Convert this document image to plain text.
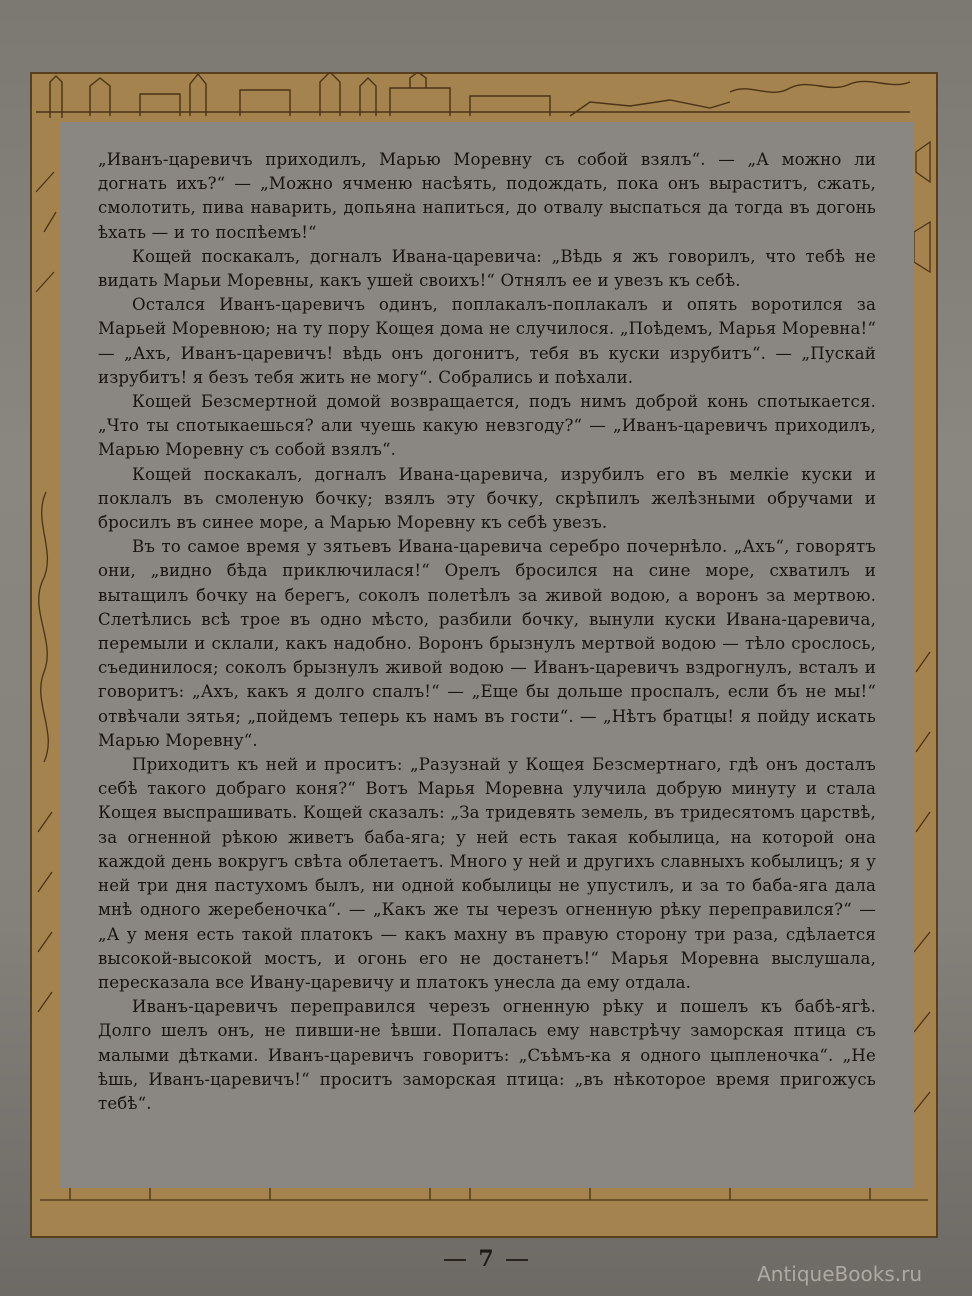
„Иванъ-царевичъ приходилъ, Марью Моревну съ собой взялъ“. — „А можно ли догнать ихъ?“ — „Можно ячменю насѣять, подождать, пока онъ выраститъ, сжать, смолотить, пива наварить, допьяна напиться, до отвалу выспаться да тогда въ догонь ѣхать — и то поспѣемъ!“

Кощей поскакалъ, догналъ Ивана-царевича: „Вѣдь я жъ говорилъ, что тебѣ не видать Марьи Моревны, какъ ушей своихъ!“ Отнялъ ее и увезъ къ себѣ.

Остался Иванъ-царевичъ одинъ, поплакалъ-поплакалъ и опять воротился за Марьей Моревною; на ту пору Кощея дома не случилося. „Поѣдемъ, Марья Моревна!“ — „Ахъ, Иванъ-царевичъ! вѣдь онъ догонитъ, тебя въ куски изрубитъ“. — „Пускай изрубитъ! я безъ тебя жить не могу“. Собрались и поѣхали.

Кощей Безсмертной домой возвращается, подъ нимъ доброй конь спотыкается. „Что ты спотыкаешься? али чуешь какую невзгоду?“ — „Иванъ-царевичъ приходилъ, Марью Моревну съ собой взялъ“.

Кощей поскакалъ, догналъ Ивана-царевича, изрубилъ его въ мелкіе куски и поклалъ въ смоленую бочку; взялъ эту бочку, скрѣпилъ желѣзными обручами и бросилъ въ синее море, а Марью Моревну къ себѣ увезъ.

Въ то самое время у зятьевъ Ивана-царевича серебро почернѣло. „Ахъ“, говорятъ они, „видно бѣда приключилася!“ Орелъ бросился на сине море, схватилъ и вытащилъ бочку на берегъ, соколъ полетѣлъ за живой водою, а воронъ за мертвою. Слетѣлись всѣ трое въ одно мѣсто, разбили бочку, вынули куски Ивана-царевича, перемыли и склали, какъ надобно. Воронъ брызнулъ мертвой водою — тѣло срослось, съединилося; соколъ брызнулъ живой водою — Иванъ-царевичъ вздрогнулъ, всталъ и говоритъ: „Ахъ, какъ я долго спалъ!“ — „Еще бы дольше проспалъ, если бъ не мы!“ отвѣчали зятья; „пойдемъ теперь къ намъ въ гости“. — „Нѣтъ братцы! я пойду искать Марью Моревну“.

Приходитъ къ ней и проситъ: „Разузнай у Кощея Безсмертнаго, гдѣ онъ досталъ себѣ такого добраго коня?“ Вотъ Марья Моревна улучила добрую минуту и стала Кощея выспрашивать. Кощей сказалъ: „За тридевять земель, въ тридесятомъ царствѣ, за огненной рѣкою живетъ баба-яга; у ней есть такая кобылица, на которой она каждой день вокругъ свѣта облетаетъ. Много у ней и другихъ славныхъ кобылицъ; я у ней три дня пастухомъ былъ, ни одной кобылицы не упустилъ, и за то баба-яга дала мнѣ одного жеребеночка“. — „Какъ же ты черезъ огненную рѣку переправился?“ — „А у меня есть такой платокъ — какъ махну въ правую сторону три раза, сдѣлается высокой-высокой мостъ, и огонь его не достанетъ!“ Марья Моревна выслушала, пересказала все Ивану-царевичу и платокъ унесла да ему отдала.

Иванъ-царевичъ переправился черезъ огненную рѣку и пошелъ къ бабѣ-ягѣ. Долго шелъ онъ, не пивши-не ѣвши. Попалась ему навстрѣчу заморская птица съ малыми дѣтками. Иванъ-царевичъ говоритъ: „Съѣмъ-ка я одного цыпленочка“. „Не ѣшь, Иванъ-царевичъ!“ проситъ заморская птица: „въ нѣкоторое время пригожусь тебѣ“.

7
AntiqueBooks.ru
